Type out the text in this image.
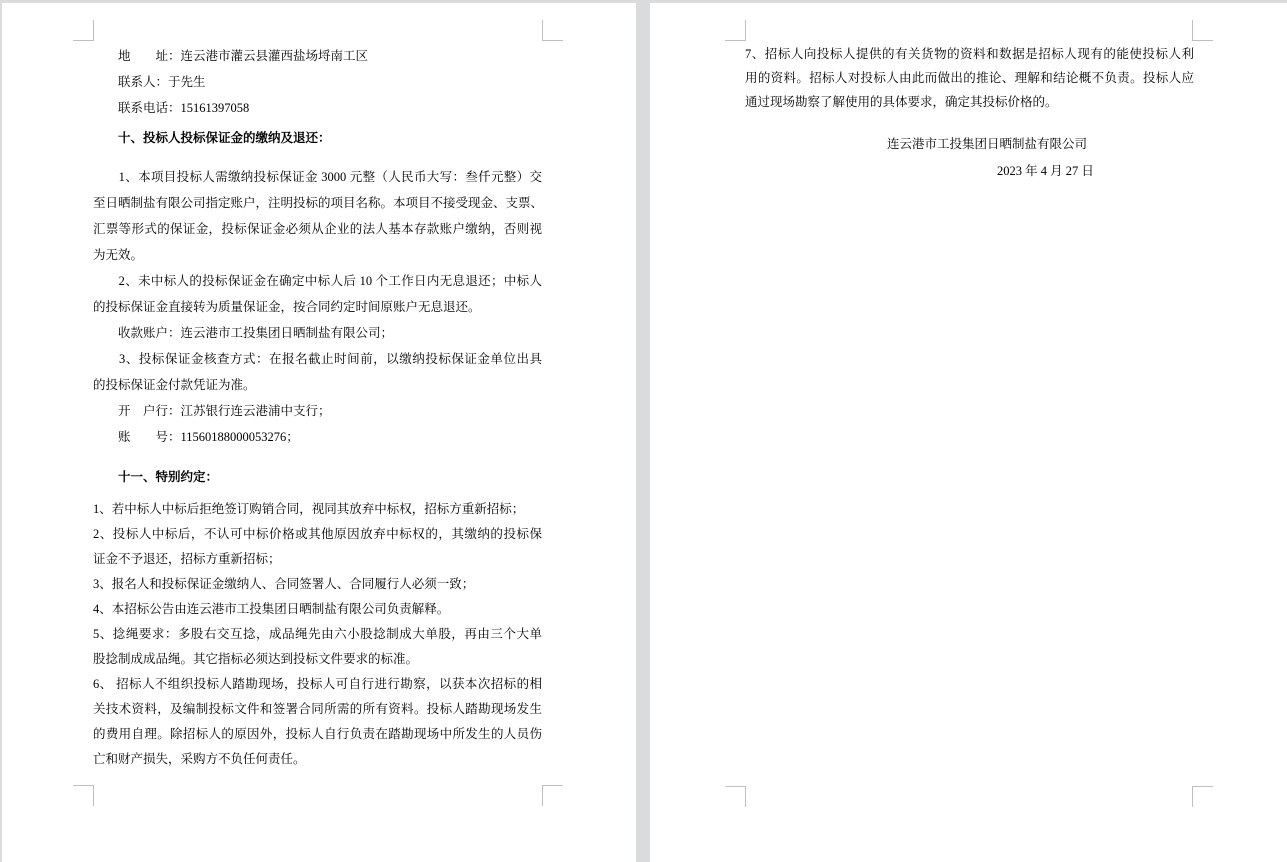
　　地　　址：连云港市灌云县灌西盐场埒南工区
　　联系人：于先生
　　联系电话：15161397058
　　十、投标人投标保证金的缴纳及退还：
　　1、本项目投标人需缴纳投标保证金 3000 元整（人民币大写：叁仟元整）交
至日晒制盐有限公司指定账户，注明投标的项目名称。本项目不接受现金、支票、
汇票等形式的保证金，投标保证金必须从企业的法人基本存款账户缴纳，否则视
为无效。
　　2、未中标人的投标保证金在确定中标人后 10 个工作日内无息退还；中标人
的投标保证金直接转为质量保证金，按合同约定时间原账户无息退还。
　　收款账户：连云港市工投集团日晒制盐有限公司；
　　3、投标保证金核查方式：在报名截止时间前，以缴纳投标保证金单位出具
的投标保证金付款凭证为准。
　　开　户行：江苏银行连云港浦中支行；
　　账　　号：11560188000053276；
　　十一、特别约定：
1、若中标人中标后拒绝签订购销合同，视同其放弃中标权，招标方重新招标；
2、投标人中标后，不认可中标价格或其他原因放弃中标权的，其缴纳的投标保
证金不予退还，招标方重新招标；
3、报名人和投标保证金缴纳人、合同签署人、合同履行人必须一致；
4、本招标公告由连云港市工投集团日晒制盐有限公司负责解释。
5、捻绳要求：多股右交互捻，成品绳先由六小股捻制成大单股，再由三个大单
股捻制成成品绳。其它指标必须达到投标文件要求的标准。
6、 招标人不组织投标人踏勘现场，投标人可自行进行勘察，以获本次招标的相
关技术资料，及编制投标文件和签署合同所需的所有资料。投标人踏勘现场发生
的费用自理。除招标人的原因外，投标人自行负责在踏勘现场中所发生的人员伤
亡和财产损失，采购方不负任何责任。
7、招标人向投标人提供的有关货物的资料和数据是招标人现有的能使投标人利
用的资料。招标人对投标人由此而做出的推论、理解和结论概不负责。投标人应
通过现场勘察了解使用的具体要求，确定其投标价格的。
连云港市工投集团日晒制盐有限公司
2023 年 4 月 27 日
